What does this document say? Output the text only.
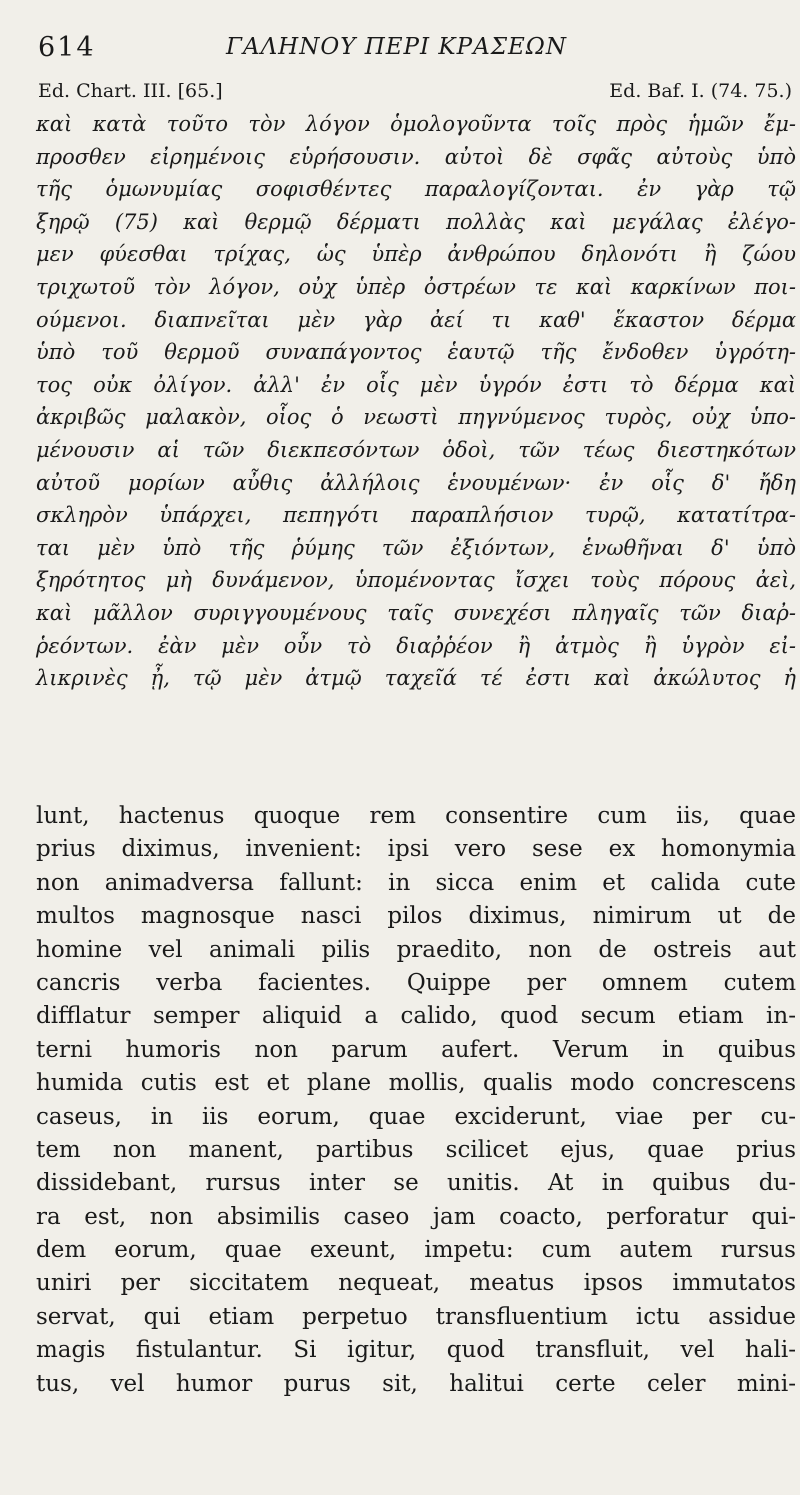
614	ΓΑΛΗΝΟΥ ΠΕΡΙ ΚΡΑΣΕΩΝ
Ed. Chart. III. [65.]	Ed. Baf. I. (74. 75.)
καὶ κατὰ τοῦτο τὸν λόγον ὁμολογοῦντα τοῖς πρὸς ἡμῶν ἔμ-
προσθεν εἰρημένοις εὑρήσουσιν. αὐτοὶ δὲ σφᾶς αὐτοὺς ὑπὸ
τῆς ὁμωνυμίας σοφισθέντες παραλογίζονται. ἐν γὰρ τῷ
ξηρῷ (75) καὶ θερμῷ δέρματι πολλὰς καὶ μεγάλας ἐλέγο-
μεν φύεσθαι τρίχας, ὡς ὑπὲρ ἀνθρώπου δηλονότι ἢ ζώου
τριχωτοῦ τὸν λόγον, οὐχ ὑπὲρ ὀστρέων τε καὶ καρκίνων ποι-
ούμενοι. διαπνεῖται μὲν γὰρ ἀεί τι καθ' ἕκαστον δέρμα
ὑπὸ τοῦ θερμοῦ συναπάγοντος ἑαυτῷ τῆς ἔνδοθεν ὑγρότη-
τος οὐκ ὀλίγον. ἀλλ' ἐν οἷς μὲν ὑγρόν ἐστι τὸ δέρμα καὶ
ἀκριβῶς μαλακὸν, οἷος ὁ νεωστὶ πηγνύμενος τυρὸς, οὐχ ὑπο-
μένουσιν αἱ τῶν διεκπεσόντων ὁδοὶ, τῶν τέως διεστηκότων
αὐτοῦ μορίων αὖθις ἀλλήλοις ἑνουμένων· ἐν οἷς δ' ἤδη
σκληρὸν ὑπάρχει, πεπηγότι παραπλήσιον τυρῷ, κατατίτρα-
ται μὲν ὑπὸ τῆς ῥύμης τῶν ἐξιόντων, ἑνωθῆναι δ' ὑπὸ
ξηρότητος μὴ δυνάμενον, ὑπομένοντας ἴσχει τοὺς πόρους ἀεὶ,
καὶ μᾶλλον συριγγουμένους ταῖς συνεχέσι πληγαῖς τῶν διαῤ-
ῥεόντων. ἐὰν μὲν οὖν τὸ διαῤῥέον ἢ ἀτμὸς ἢ ὑγρὸν εἰ-
λικρινὲς ᾖ, τῷ μὲν ἀτμῷ ταχεῖά τέ ἐστι καὶ ἀκώλυτος ἡ
lunt, hactenus quoque rem consentire cum iis, quae
prius diximus, invenient: ipsi vero sese ex homonymia
non animadversa fallunt: in sicca enim et calida cute
multos magnosque nasci pilos diximus, nimirum ut de
homine vel animali pilis praedito, non de ostreis aut
cancris verba facientes. Quippe per omnem cutem
difflatur semper aliquid a calido, quod secum etiam in-
terni humoris non parum aufert. Verum in quibus
humida cutis est et plane mollis, qualis modo concrescens
caseus, in iis eorum, quae exciderunt, viae per cu-
tem non manent, partibus scilicet ejus, quae prius
dissidebant, rursus inter se unitis. At in quibus du-
ra est, non absimilis caseo jam coacto, perforatur qui-
dem eorum, quae exeunt, impetu: cum autem rursus
uniri per siccitatem nequeat, meatus ipsos immutatos
servat, qui etiam perpetuo transfluentium ictu assidue
magis fistulantur. Si igitur, quod transfluit, vel hali-
tus, vel humor purus sit, halitui certe celer mini-
